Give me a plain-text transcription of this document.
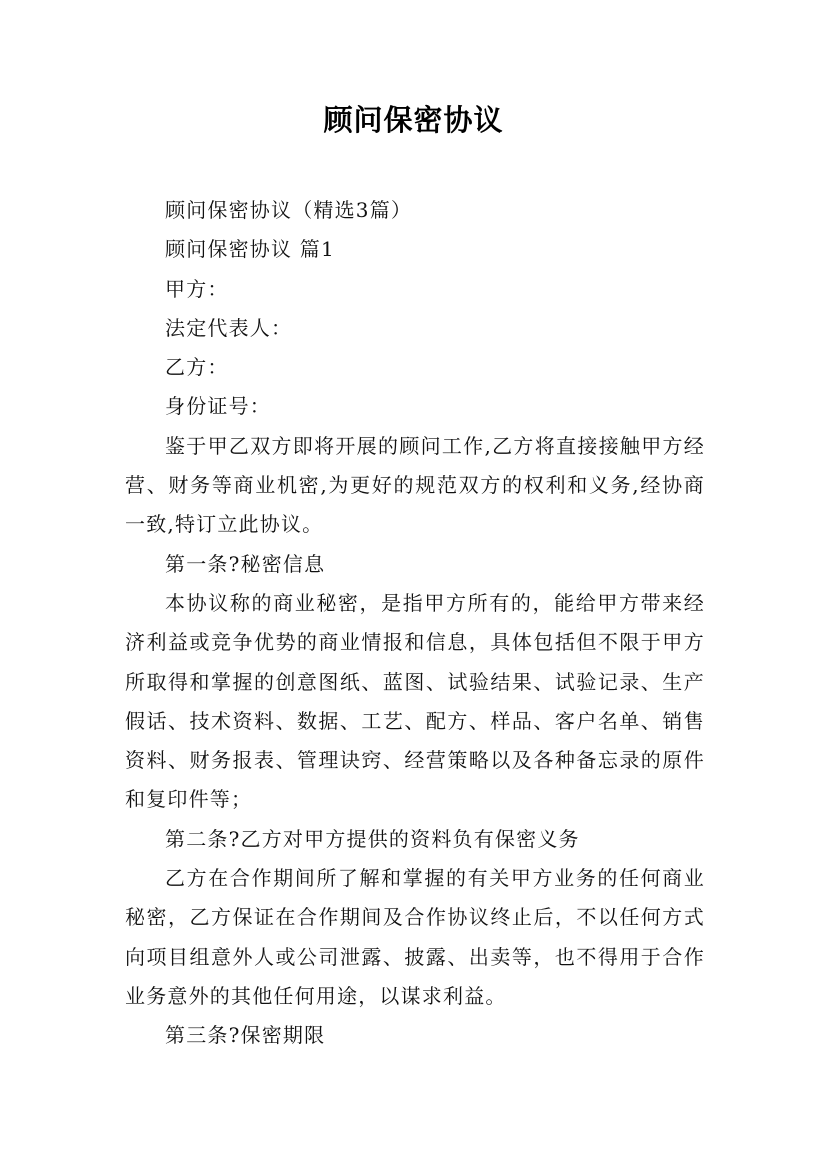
顾问保密协议

顾问保密协议（精选3篇）

顾问保密协议 篇1

甲方：

法定代表人：

乙方：

身份证号：

鉴于甲乙双方即将开展的顾问工作,乙方将直接接触甲方经营、财务等商业机密,为更好的规范双方的权利和义务,经协商一致,特订立此协议。

第一条?秘密信息

本协议称的商业秘密，是指甲方所有的，能给甲方带来经济利益或竞争优势的商业情报和信息，具体包括但不限于甲方所取得和掌握的创意图纸、蓝图、试验结果、试验记录、生产假话、技术资料、数据、工艺、配方、样品、客户名单、销售资料、财务报表、管理诀窍、经营策略以及各种备忘录的原件和复印件等；

第二条?乙方对甲方提供的资料负有保密义务

乙方在合作期间所了解和掌握的有关甲方业务的任何商业秘密，乙方保证在合作期间及合作协议终止后，不以任何方式向项目组意外人或公司泄露、披露、出卖等，也不得用于合作业务意外的其他任何用途，以谋求利益。

第三条?保密期限
